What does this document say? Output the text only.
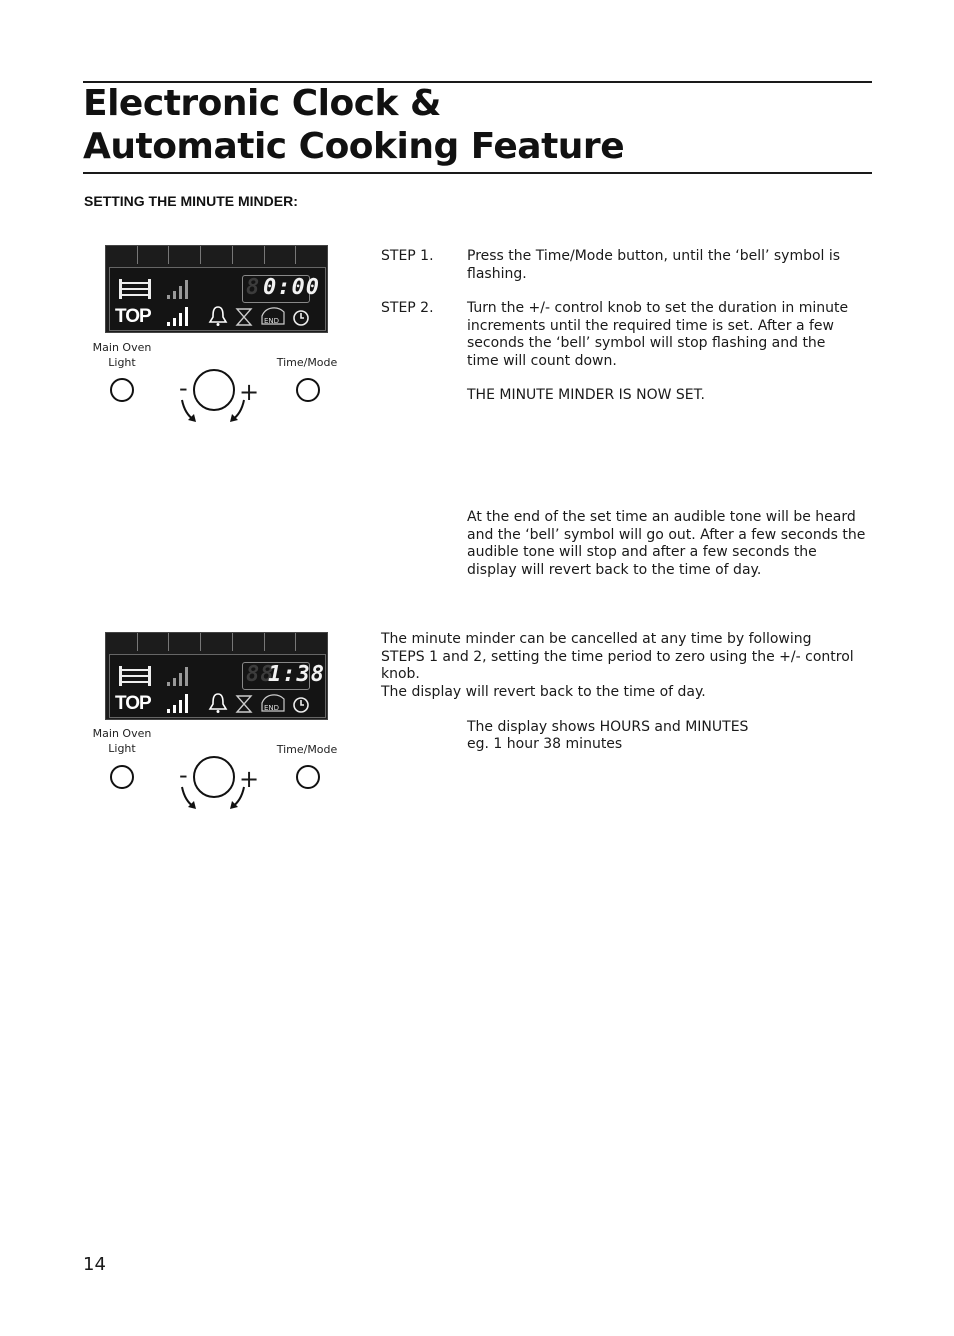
Electronic Clock &
Automatic Cooking Feature
SETTING THE MINUTE MINDER:
8 0:00
TOP	END
Main Oven
Light	Time/Mode
- +
STEP 1. Press the Time/Mode button, until the ‘bell’ symbol is flashing.
STEP 2. Turn the +/- control knob to set the duration in minute increments until the required time is set. After a few seconds the ‘bell’ symbol will stop flashing and the time will count down.
THE MINUTE MINDER IS NOW SET.
At the end of the set time an audible tone will be heard and the ‘bell’ symbol will go out. After a few seconds the audible tone will stop and after a few seconds the display will revert back to the time of day.
88
1:38
TOP	END
Main Oven
Light	Time/Mode
- +
The minute minder can be cancelled at any time by following STEPS 1 and 2, setting the time period to zero using the +/- control knob.
The display will revert back to the time of day.
The display shows HOURS and MINUTES
eg. 1 hour 38 minutes
14
